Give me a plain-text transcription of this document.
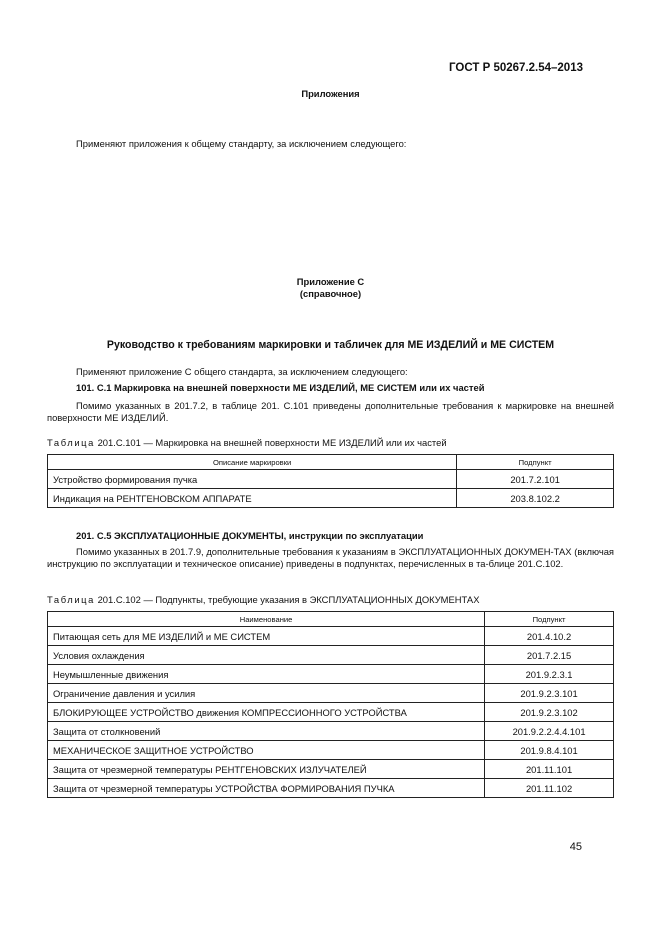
ГОСТ Р 50267.2.54–2013
Приложения
Применяют приложения к общему стандарту, за исключением следующего:
Приложение С
(справочное)
Руководство к требованиям маркировки и табличек для МЕ ИЗДЕЛИЙ и МЕ СИСТЕМ
Применяют приложение С общего стандарта, за исключением следующего:
101. C.1 Маркировка на внешней поверхности МЕ ИЗДЕЛИЙ, МЕ СИСТЕМ или их частей
Помимо указанных в 201.7.2, в таблице 201. С.101 приведены дополнительные требования к маркировке на внешней поверхности МЕ ИЗДЕЛИЙ.
Таблица 201.С.101 — Маркировка на внешней поверхности МЕ ИЗДЕЛИЙ или их частей
Описание маркировки	Подпункт
Устройство формирования пучка	201.7.2.101
Индикация на РЕНТГЕНОВСКОМ АППАРАТЕ	203.8.102.2
201. С.5 ЭКСПЛУАТАЦИОННЫЕ ДОКУМЕНТЫ, инструкции по эксплуатации
Помимо указанных в 201.7.9, дополнительные требования к указаниям в ЭКСПЛУАТАЦИОННЫХ ДОКУМЕН-ТАХ (включая инструкцию по эксплуатации и техническое описание) приведены в подпунктах, перечисленных в та-блице 201.С.102.
Таблица 201.С.102 — Подпункты, требующие указания в ЭКСПЛУАТАЦИОННЫХ ДОКУМЕНТАХ
Наименование	Подпункт
Питающая сеть для МЕ ИЗДЕЛИЙ и МЕ СИСТЕМ	201.4.10.2
Условия охлаждения	201.7.2.15
Неумышленные движения	201.9.2.3.1
Ограничение давления и усилия	201.9.2.3.101
БЛОКИРУЮЩЕЕ УСТРОЙСТВО движения КОМПРЕССИОННОГО УСТРОЙСТВА	201.9.2.3.102
Защита от столкновений	201.9.2.2.4.4.101
МЕХАНИЧЕСКОЕ ЗАЩИТНОЕ УСТРОЙСТВО	201.9.8.4.101
Защита от чрезмерной температуры РЕНТГЕНОВСКИХ ИЗЛУЧАТЕЛЕЙ	201.11.101
Защита от чрезмерной температуры УСТРОЙСТВА ФОРМИРОВАНИЯ ПУЧКА	201.11.102
45
